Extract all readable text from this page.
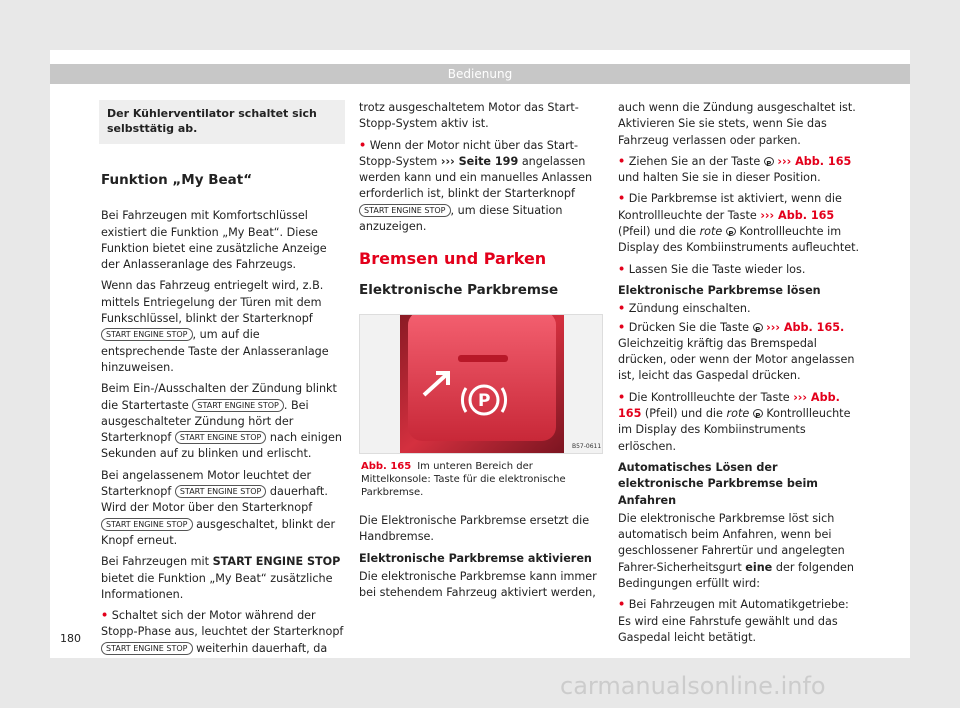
Bedienung
Der Kühlerventilator schaltet sich selbsttätig ab.
Funktion „My Beat“

Bei Fahrzeugen mit Komfortschlüssel existiert die Funktion „My Beat“. Diese Funktion bietet eine zusätzliche Anzeige der Anlasseranlage des Fahrzeugs.

Wenn das Fahrzeug entriegelt wird, z.B. mittels Entriegelung der Türen mit dem Funkschlüssel, blinkt der Starterknopf START ENGINE STOP , um auf die entsprechende Taste der Anlasseranlage hinzuweisen.

Beim Ein-/Ausschalten der Zündung blinkt die Startertaste START ENGINE STOP . Bei ausgeschalteter Zündung hört der Starterknopf START ENGINE STOP nach einigen Sekunden auf zu blinken und erlischt.

Bei angelassenem Motor leuchtet der Starterknopf START ENGINE STOP dauerhaft. Wird der Motor über den Starterknopf START ENGINE STOP ausgeschaltet, blinkt der Knopf erneut.

Bei Fahrzeugen mit START ENGINE STOP bietet die Funktion „My Beat“ zusätzliche Informationen.

• Schaltet sich der Motor während der Stopp-Phase aus, leuchtet der Starterknopf START ENGINE STOP weiterhin dauerhaft, da

trotz ausgeschaltetem Motor das Start-Stopp-System aktiv ist.

• Wenn der Motor nicht über das Start-Stopp-System ››› Seite 199 angelassen werden kann und ein manuelles Anlassen erforderlich ist, blinkt der Starterknopf START ENGINE STOP , um diese Situation anzuzeigen.

Bremsen und Parken
Elektronische Parkbremse
P
B57-0611
Abb. 165 Im unteren Bereich der Mittelkonsole: Taste für die elektronische Parkbremse.

Die Elektronische Parkbremse ersetzt die Handbremse.

Elektronische Parkbremse aktivieren

Die elektronische Parkbremse kann immer bei stehendem Fahrzeug aktiviert werden,

auch wenn die Zündung ausgeschaltet ist. Aktivieren Sie sie stets, wenn Sie das Fahrzeug verlassen oder parken.

• Ziehen Sie an der Taste P ››› Abb. 165 und halten Sie sie in dieser Position.

• Die Parkbremse ist aktiviert, wenn die Kontrollleuchte der Taste ››› Abb. 165 (Pfeil) und die rote P Kontrollleuchte im Display des Kombiinstruments aufleuchtet.

• Lassen Sie die Taste wieder los.

Elektronische Parkbremse lösen

• Zündung einschalten.

• Drücken Sie die Taste P ››› Abb. 165. Gleichzeitig kräftig das Bremspedal drücken, oder wenn der Motor angelassen ist, leicht das Gaspedal drücken.

• Die Kontrollleuchte der Taste ››› Abb. 165 (Pfeil) und die rote P Kontrollleuchte im Display des Kombiinstruments erlöschen.

Automatisches Lösen der elektronische Parkbremse beim Anfahren

Die elektronische Parkbremse löst sich automatisch beim Anfahren, wenn bei geschlossener Fahrertür und angelegten Fahrer-Sicherheitsgurt eine der folgenden Bedingungen erfüllt wird:

• Bei Fahrzeugen mit Automatikgetriebe: Es wird eine Fahrstufe gewählt und das Gaspedal leicht betätigt.

180
carmanualsonline.info
